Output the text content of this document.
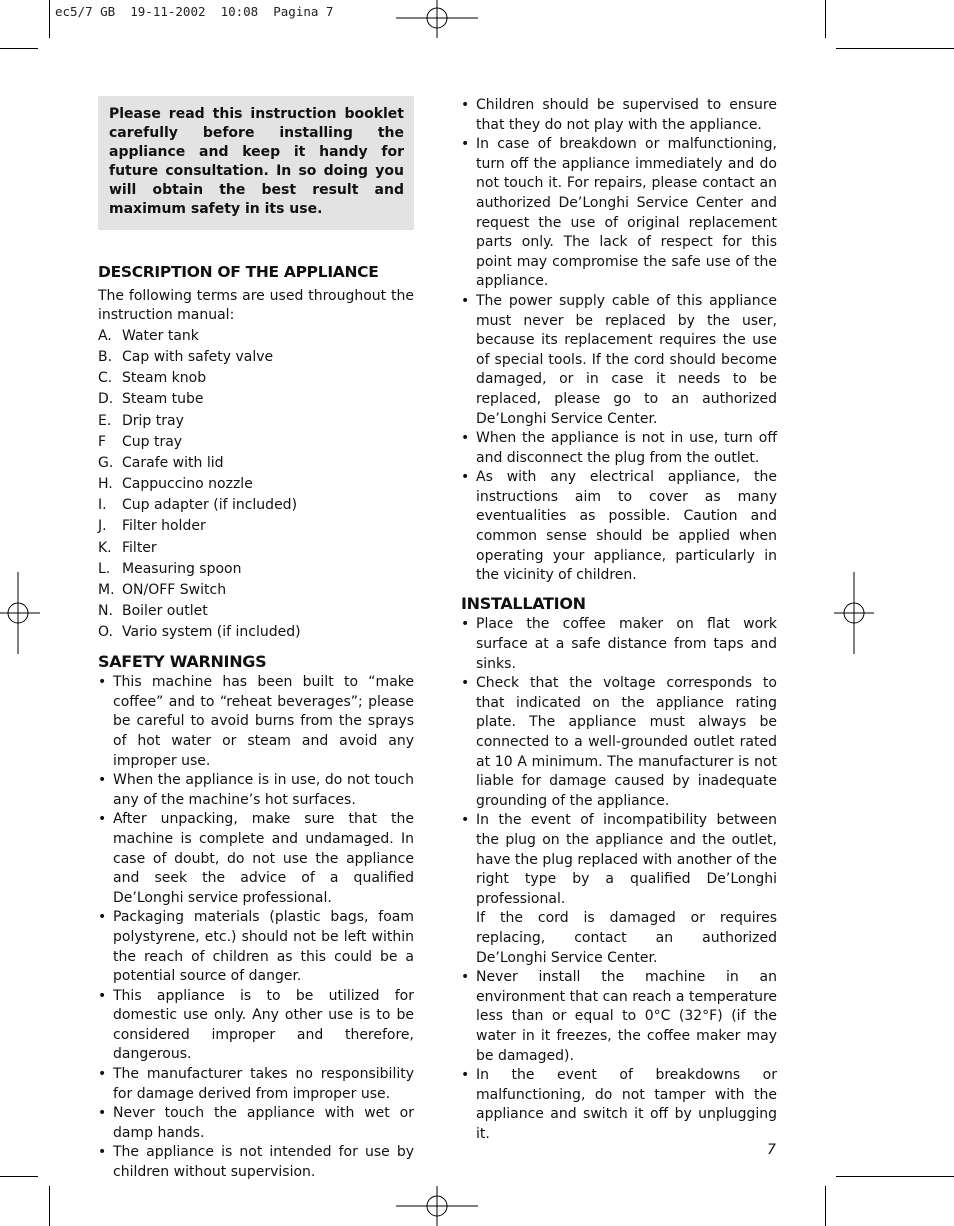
ec5/7 GB  19-11-2002  10:08  Pagina 7
Please read this instruction booklet carefully before installing the appliance and keep it handy for future consultation. In so doing you will obtain the best result and maximum safety in its use.
DESCRIPTION OF THE APPLIANCE

The following terms are used throughout the instruction manual:

A. Water tank
B. Cap with safety valve
C. Steam knob
D. Steam tube
E. Drip tray
F Cup tray
G. Carafe with lid
H. Cappuccino nozzle
I. Cup adapter (if included)
J. Filter holder
K. Filter
L. Measuring spoon
M. ON/OFF Switch
N. Boiler outlet
O. Vario system (if included)
SAFETY WARNINGS
• This machine has been built to “make coffee” and to “reheat beverages”; please be careful to avoid burns from the sprays of hot water or steam and avoid any improper use.
• When the appliance is in use, do not touch any of the machine’s hot surfaces.
• After unpacking, make sure that the machine is complete and undamaged. In case of doubt, do not use the appliance and seek the advice of a qualified De’Longhi service professional.
• Packaging materials (plastic bags, foam polystyrene, etc.) should not be left within the reach of children as this could be a potential source of danger.
• This appliance is to be utilized for domestic use only. Any other use is to be considered improper and therefore, dangerous.
• The manufacturer takes no responsibility for damage derived from improper use.
• Never touch the appliance with wet or damp hands.
• The appliance is not intended for use by children without supervision.
• Children should be supervised to ensure that they do not play with the appliance.
• In case of breakdown or malfunctioning, turn off the appliance immediately and do not touch it. For repairs, please contact an authorized De’Longhi Service Center and request the use of original replacement parts only. The lack of respect for this point may compromise the safe use of the appliance.
• The power supply cable of this appliance must never be replaced by the user, because its replacement requires the use of special tools. If the cord should become damaged, or in case it needs to be replaced, please go to an authorized De’Longhi Service Center.
• When the appliance is not in use, turn off and disconnect the plug from the outlet.
• As with any electrical appliance, the instructions aim to cover as many eventualities as possible. Caution and common sense should be applied when operating your appliance, particularly in the vicinity of children.
INSTALLATION
• Place the coffee maker on flat work surface at a safe distance from taps and sinks.
• Check that the voltage corresponds to that indicated on the appliance rating plate. The appliance must always be connected to a well-grounded outlet rated at 10 A minimum. The manufacturer is not liable for damage caused by inadequate grounding of the appliance.
• In the event of incompatibility between the plug on the appliance and the outlet, have the plug replaced with another of the right type by a qualified De’Longhi professional.
If the cord is damaged or requires replacing, contact an authorized De’Longhi Service Center.
• Never install the machine in an environment that can reach a temperature less than or equal to 0°C (32°F) (if the water in it freezes, the coffee maker may be damaged).
• In the event of breakdowns or malfunctioning, do not tamper with the appliance and switch it off by unplugging it.
7
